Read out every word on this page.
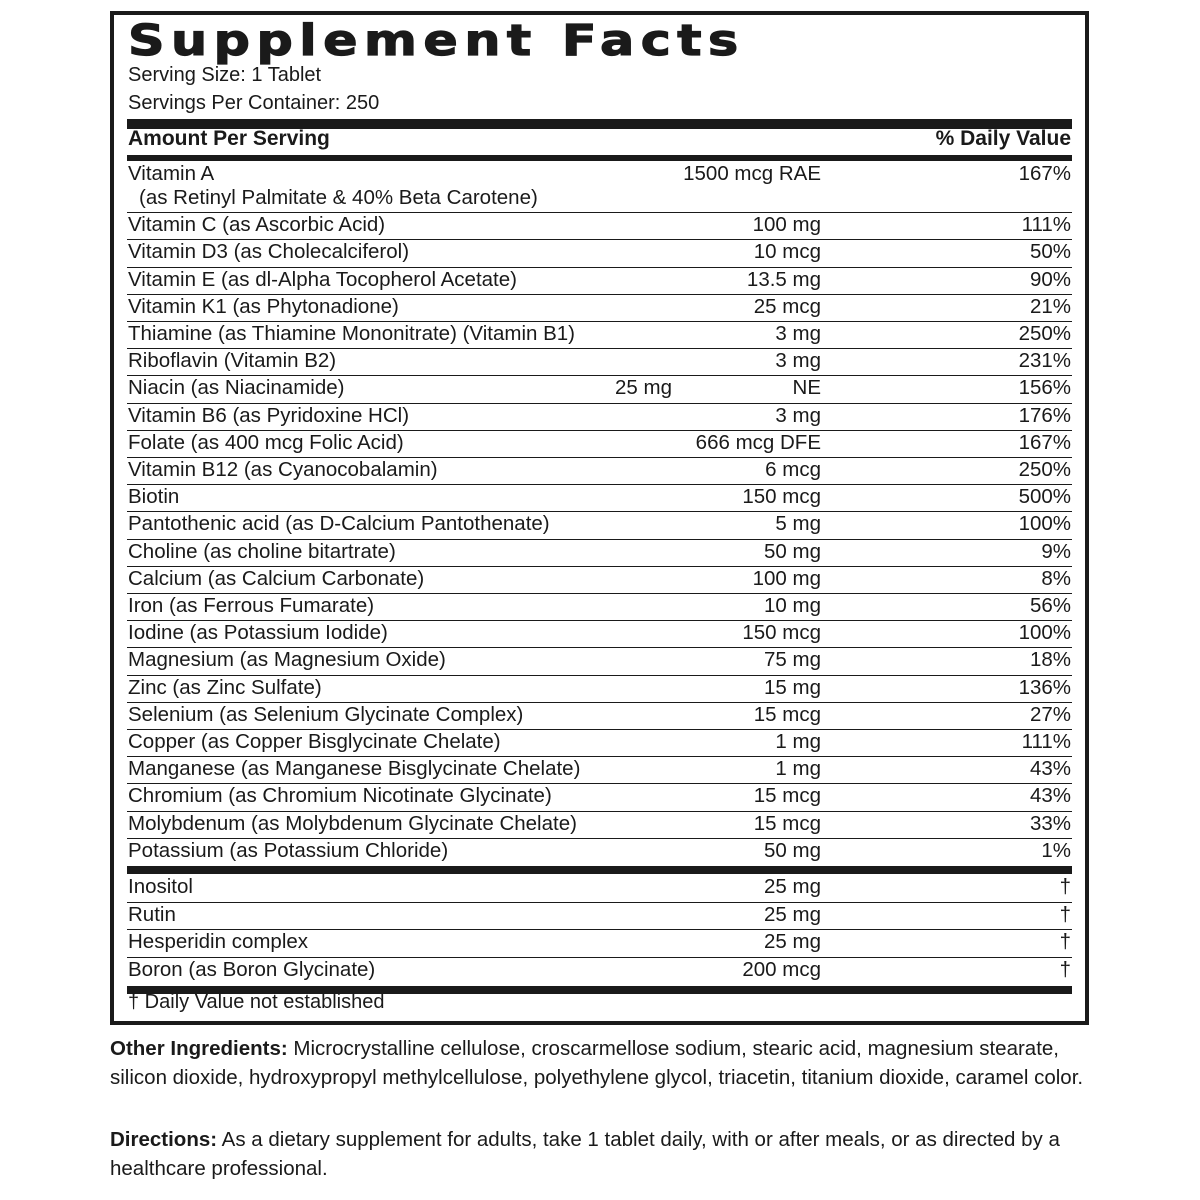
Supplement Facts
Serving Size: 1 Tablet
Servings Per Container: 250
Amount Per Serving	% Daily Value
Vitamin A
(as Retinyl Palmitate & 40% Beta Carotene)
1500 mcg RAE	167%
Vitamin C (as Ascorbic Acid)	100 mg	111%
Vitamin D3 (as Cholecalciferol)	10 mcg	50%
Vitamin E (as dl-Alpha Tocopherol Acetate)	13.5 mg	90%
Vitamin K1 (as Phytonadione)	25 mcg	21%
Thiamine (as Thiamine Mononitrate) (Vitamin B1)	3 mg	250%
Riboflavin (Vitamin B2)	3 mg	231%
Niacin (as Niacinamide)	25 mg	NE	156%
Vitamin B6 (as Pyridoxine HCl)	3 mg	176%
Folate (as 400 mcg Folic Acid)	666 mcg DFE	167%
Vitamin B12 (as Cyanocobalamin)	6 mcg	250%
Biotin	150 mcg	500%
Pantothenic acid (as D-Calcium Pantothenate)	5 mg	100%
Choline (as choline bitartrate)	50 mg	9%
Calcium (as Calcium Carbonate)	100 mg	8%
Iron (as Ferrous Fumarate)	10 mg	56%
Iodine (as Potassium Iodide)	150 mcg	100%
Magnesium (as Magnesium Oxide)	75 mg	18%
Zinc (as Zinc Sulfate)	15 mg	136%
Selenium (as Selenium Glycinate Complex)	15 mcg	27%
Copper (as Copper Bisglycinate Chelate)	1 mg	111%
Manganese (as Manganese Bisglycinate Chelate)	1 mg	43%
Chromium (as Chromium Nicotinate Glycinate)	15 mcg	43%
Molybdenum (as Molybdenum Glycinate Chelate)	15 mcg	33%
Potassium (as Potassium Chloride)	50 mg	1%
Inositol	25 mg	†
Rutin	25 mg	†
Hesperidin complex	25 mg	†
Boron (as Boron Glycinate)	200 mcg	†
† Daily Value not established
Other Ingredients: Microcrystalline cellulose, croscarmellose sodium, stearic acid, magnesium stearate, silicon dioxide, hydroxypropyl methylcellulose, polyethylene glycol, triacetin, titanium dioxide, caramel color.
Directions: As a dietary supplement for adults, take 1 tablet daily, with or after meals, or as directed by a healthcare professional.
